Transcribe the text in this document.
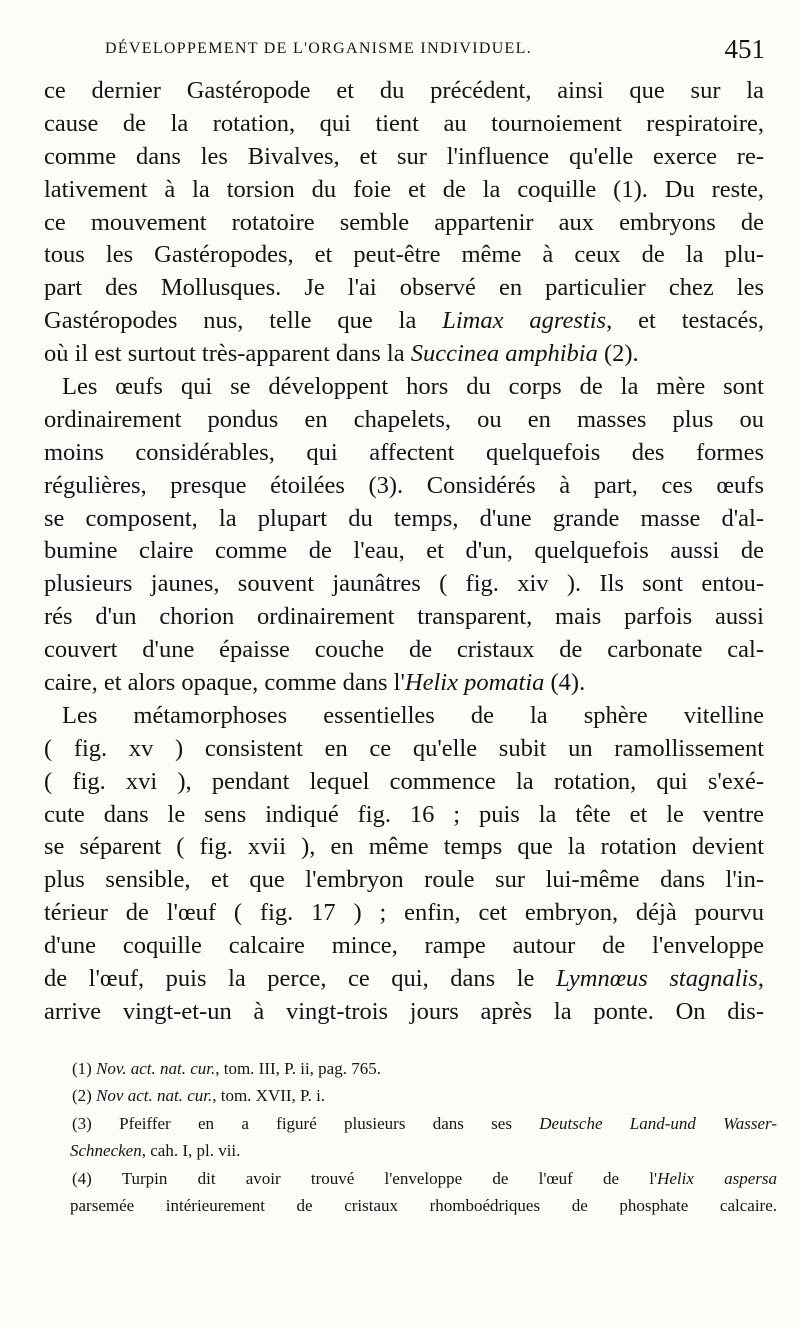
DÉVELOPPEMENT DE L'ORGANISME INDIVIDUEL.	451
ce dernier Gastéropode et du précédent, ainsi que sur la
cause de la rotation, qui tient au tournoiement respiratoire,
comme dans les Bivalves, et sur l'influence qu'elle exerce re-
lativement à la torsion du foie et de la coquille (1). Du reste,
ce mouvement rotatoire semble appartenir aux embryons de
tous les Gastéropodes, et peut-être même à ceux de la plu-
part des Mollusques. Je l'ai observé en particulier chez les
Gastéropodes nus, telle que la Limax agrestis, et testacés,
où il est surtout très-apparent dans la Succinea amphibia (2).
Les œufs qui se développent hors du corps de la mère sont
ordinairement pondus en chapelets, ou en masses plus ou
moins considérables, qui affectent quelquefois des formes
régulières, presque étoilées (3). Considérés à part, ces œufs
se composent, la plupart du temps, d'une grande masse d'al-
bumine claire comme de l'eau, et d'un, quelquefois aussi de
plusieurs jaunes, souvent jaunâtres ( fig. xiv ). Ils sont entou-
rés d'un chorion ordinairement transparent, mais parfois aussi
couvert d'une épaisse couche de cristaux de carbonate cal-
caire, et alors opaque, comme dans l'Helix pomatia (4).
Les métamorphoses essentielles de la sphère vitelline
( fig. xv ) consistent en ce qu'elle subit un ramollissement
( fig. xvi ), pendant lequel commence la rotation, qui s'exé-
cute dans le sens indiqué fig. 16 ; puis la tête et le ventre
se séparent ( fig. xvii ), en même temps que la rotation devient
plus sensible, et que l'embryon roule sur lui-même dans l'in-
térieur de l'œuf ( fig. 17 ) ; enfin, cet embryon, déjà pourvu
d'une coquille calcaire mince, rampe autour de l'enveloppe
de l'œuf, puis la perce, ce qui, dans le Lymnœus stagnalis,
arrive vingt-et-un à vingt-trois jours après la ponte. On dis-
(1) Nov. act. nat. cur., tom. III, P. ii, pag. 765.
(2) Nov act. nat. cur., tom. XVII, P. i.
(3) Pfeiffer en a figuré plusieurs dans ses Deutsche Land-und Wasser-
Schnecken, cah. I, pl. vii.
(4) Turpin dit avoir trouvé l'enveloppe de l'œuf de l'Helix aspersa
parsemée intérieurement de cristaux rhomboédriques de phosphate calcaire.
